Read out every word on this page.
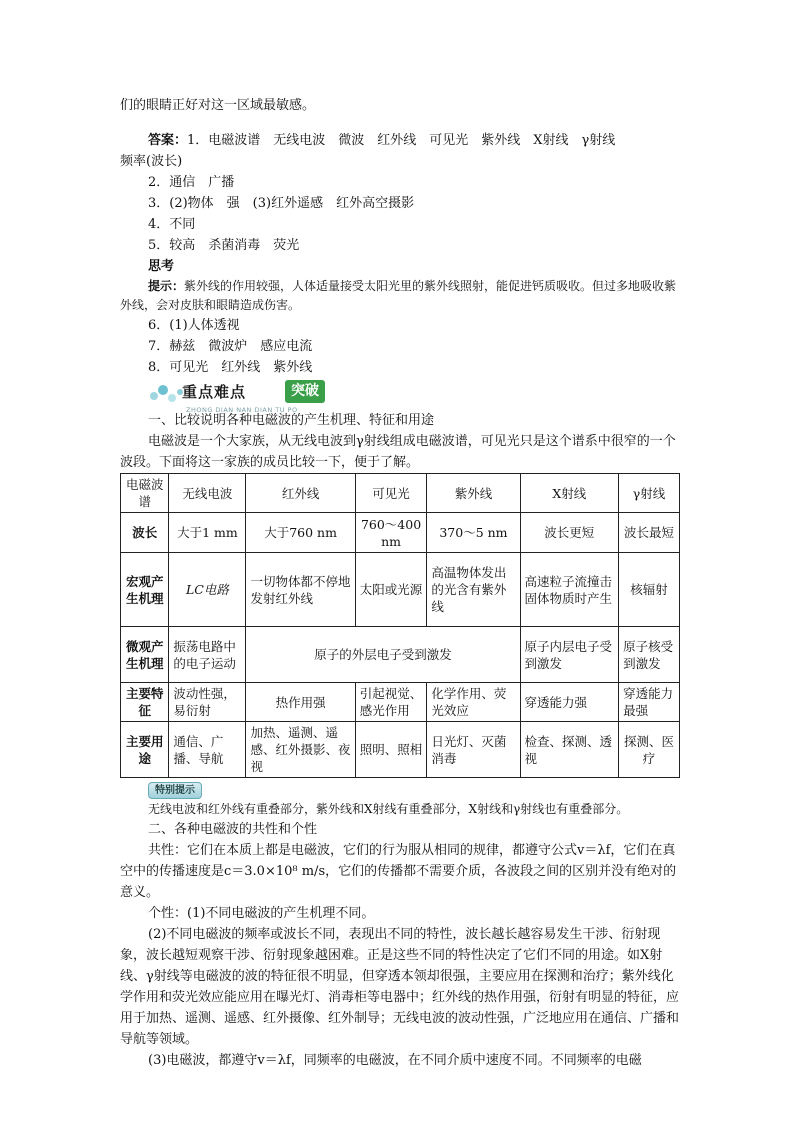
们的眼睛正好对这一区域最敏感。

答案：1．电磁波谱　无线电波　微波　红外线　可见光　紫外线　X射线　γ射线

频率(波长)

2．通信　广播

3．(2)物体　强　(3)红外遥感　红外高空摄影

4．不同

5．较高　杀菌消毒　荧光

思考

提示：紫外线的作用较强，人体适量接受太阳光里的紫外线照射，能促进钙质吸收。但过多地吸收紫外线，会对皮肤和眼睛造成伤害。

6．(1)人体透视

7．赫兹　微波炉　感应电流

8．可见光　红外线　紫外线

重点难点	突破
ZHONG DIAN NAN DIAN TU PO

一、比较说明各种电磁波的产生机理、特征和用途

电磁波是一个大家族，从无线电波到γ射线组成电磁波谱，可见光只是这个谱系中很窄的一个波段。下面将这一家族的成员比较一下，便于了解。

电磁波谱	无线电波	红外线	可见光	紫外线	X射线	γ射线
波长	大于1 mm	大于760 nm	760～400 nm	370～5 nm	波长更短	波长最短
宏观产生机理	LC电路	一切物体都不停地发射红外线	太阳或光源	高温物体发出的光含有紫外线	高速粒子流撞击固体物质时产生	核辐射
微观产生机理	振荡电路中的电子运动	原子的外层电子受到激发			原子内层电子受到激发	原子核受到激发
主要特征	波动性强，易衍射	热作用强	引起视觉、感光作用	化学作用、荧光效应	穿透能力强	穿透能力最强
主要用途	通信、广播、导航	加热、遥测、遥感、红外摄影、夜视	照明、照相	日光灯、灭菌消毒	检查、探测、透视	探测、医疗
特别提示

无线电波和红外线有重叠部分，紫外线和X射线有重叠部分，X射线和γ射线也有重叠部分。

二、各种电磁波的共性和个性

共性：它们在本质上都是电磁波，它们的行为服从相同的规律，都遵守公式v＝λf，它们在真空中的传播速度是c＝3.0×10⁸ m/s，它们的传播都不需要介质，各波段之间的区别并没有绝对的意义。

个性：(1)不同电磁波的产生机理不同。

(2)不同电磁波的频率或波长不同，表现出不同的特性，波长越长越容易发生干涉、衍射现象，波长越短观察干涉、衍射现象越困难。正是这些不同的特性决定了它们不同的用途。如X射线、γ射线等电磁波的波的特征很不明显，但穿透本领却很强，主要应用在探测和治疗；紫外线化学作用和荧光效应能应用在曝光灯、消毒柜等电器中；红外线的热作用强，衍射有明显的特征，应用于加热、遥测、遥感、红外摄像、红外制导；无线电波的波动性强，广泛地应用在通信、广播和导航等领域。

(3)电磁波，都遵守v＝λf，同频率的电磁波，在不同介质中速度不同。不同频率的电磁
